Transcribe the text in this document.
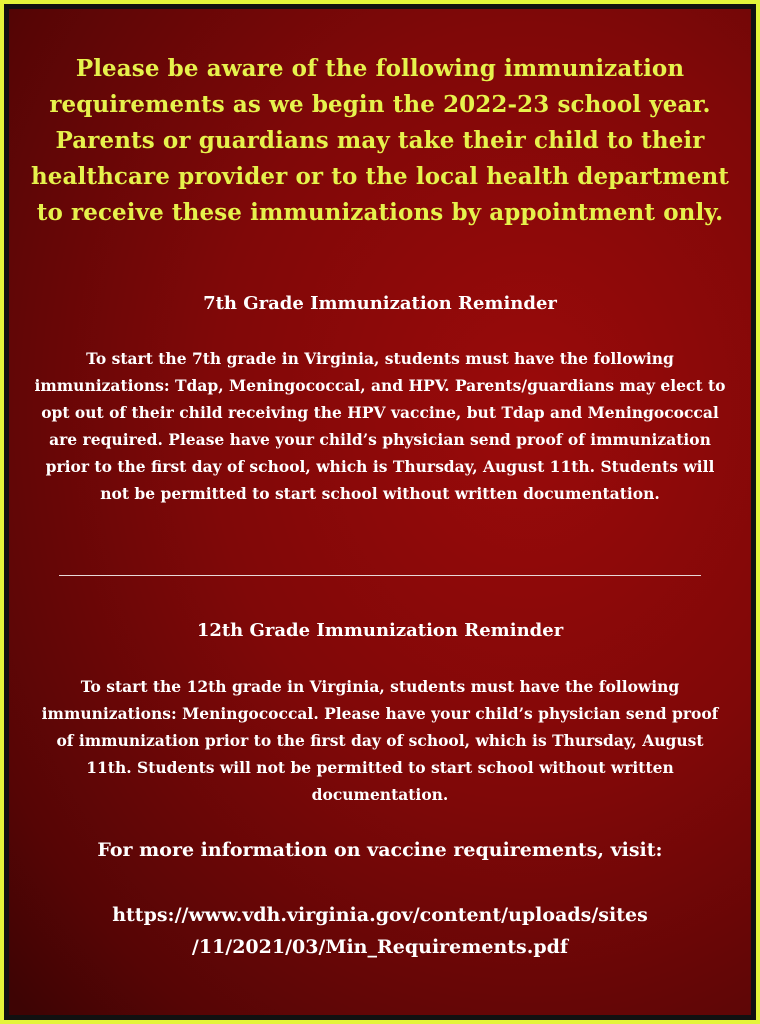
Please be aware of the following immunization requirements as we begin the 2022-23 school year. Parents or guardians may take their child to their healthcare provider or to the local health department to receive these immunizations by appointment only.

7th Grade Immunization Reminder

To start the 7th grade in Virginia, students must have the following immunizations: Tdap, Meningococcal, and HPV. Parents/guardians may elect to opt out of their child receiving the HPV vaccine, but Tdap and Meningococcal are required. Please have your child’s physician send proof of immunization prior to the first day of school, which is Thursday, August 11th. Students will not be permitted to start school without written documentation.

12th Grade Immunization Reminder

To start the 12th grade in Virginia, students must have the following immunizations: Meningococcal. Please have your child’s physician send proof of immunization prior to the first day of school, which is Thursday, August 11th. Students will not be permitted to start school without written documentation.

For more information on vaccine requirements, visit:

https://www.vdh.virginia.gov/content/uploads/sites
/11/2021/03/Min_Requirements.pdf
